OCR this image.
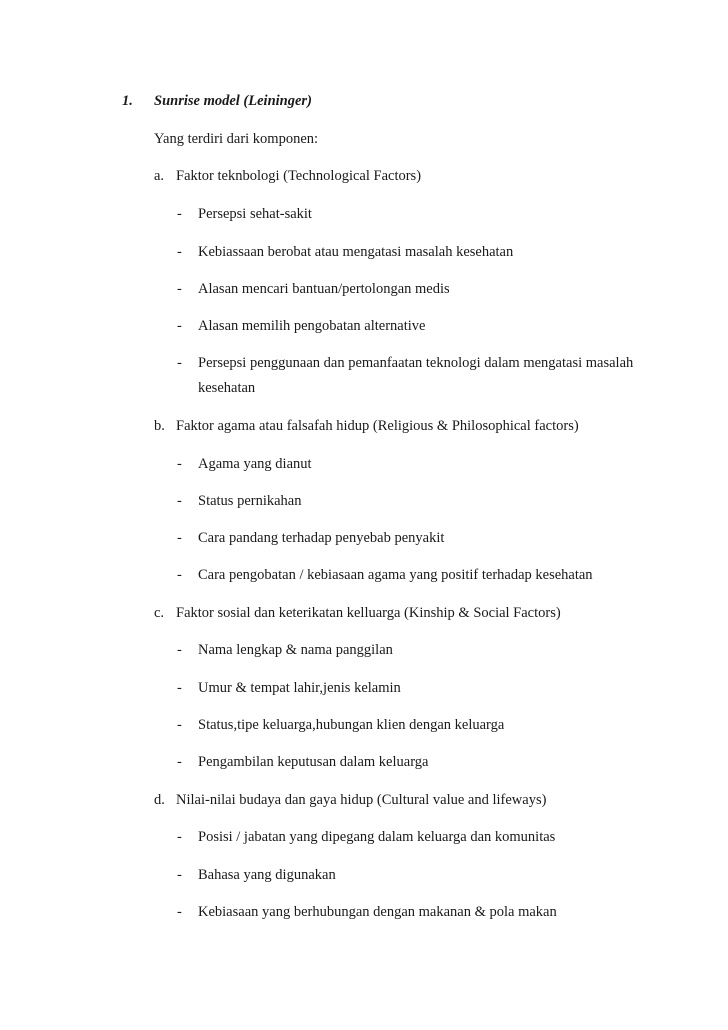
1. Sunrise model (Leininger)
Yang terdiri dari komponen:
a. Faktor teknbologi (Technological Factors)
- Persepsi sehat-sakit
- Kebiassaan berobat atau mengatasi masalah kesehatan
- Alasan mencari bantuan/pertolongan medis
- Alasan memilih pengobatan alternative
- Persepsi penggunaan dan pemanfaatan teknologi dalam mengatasi masalah
kesehatan
b. Faktor agama atau falsafah hidup (Religious & Philosophical factors)
- Agama yang dianut
- Status pernikahan
- Cara pandang terhadap penyebab penyakit
- Cara pengobatan / kebiasaan agama yang positif terhadap kesehatan
c. Faktor sosial dan keterikatan kelluarga (Kinship & Social Factors)
- Nama lengkap & nama panggilan
- Umur & tempat lahir,jenis kelamin
- Status,tipe keluarga,hubungan klien dengan keluarga
- Pengambilan keputusan dalam keluarga
d. Nilai-nilai budaya dan gaya hidup (Cultural value and lifeways)
- Posisi / jabatan yang dipegang dalam keluarga dan komunitas
- Bahasa yang digunakan
- Kebiasaan yang berhubungan dengan makanan & pola makan
